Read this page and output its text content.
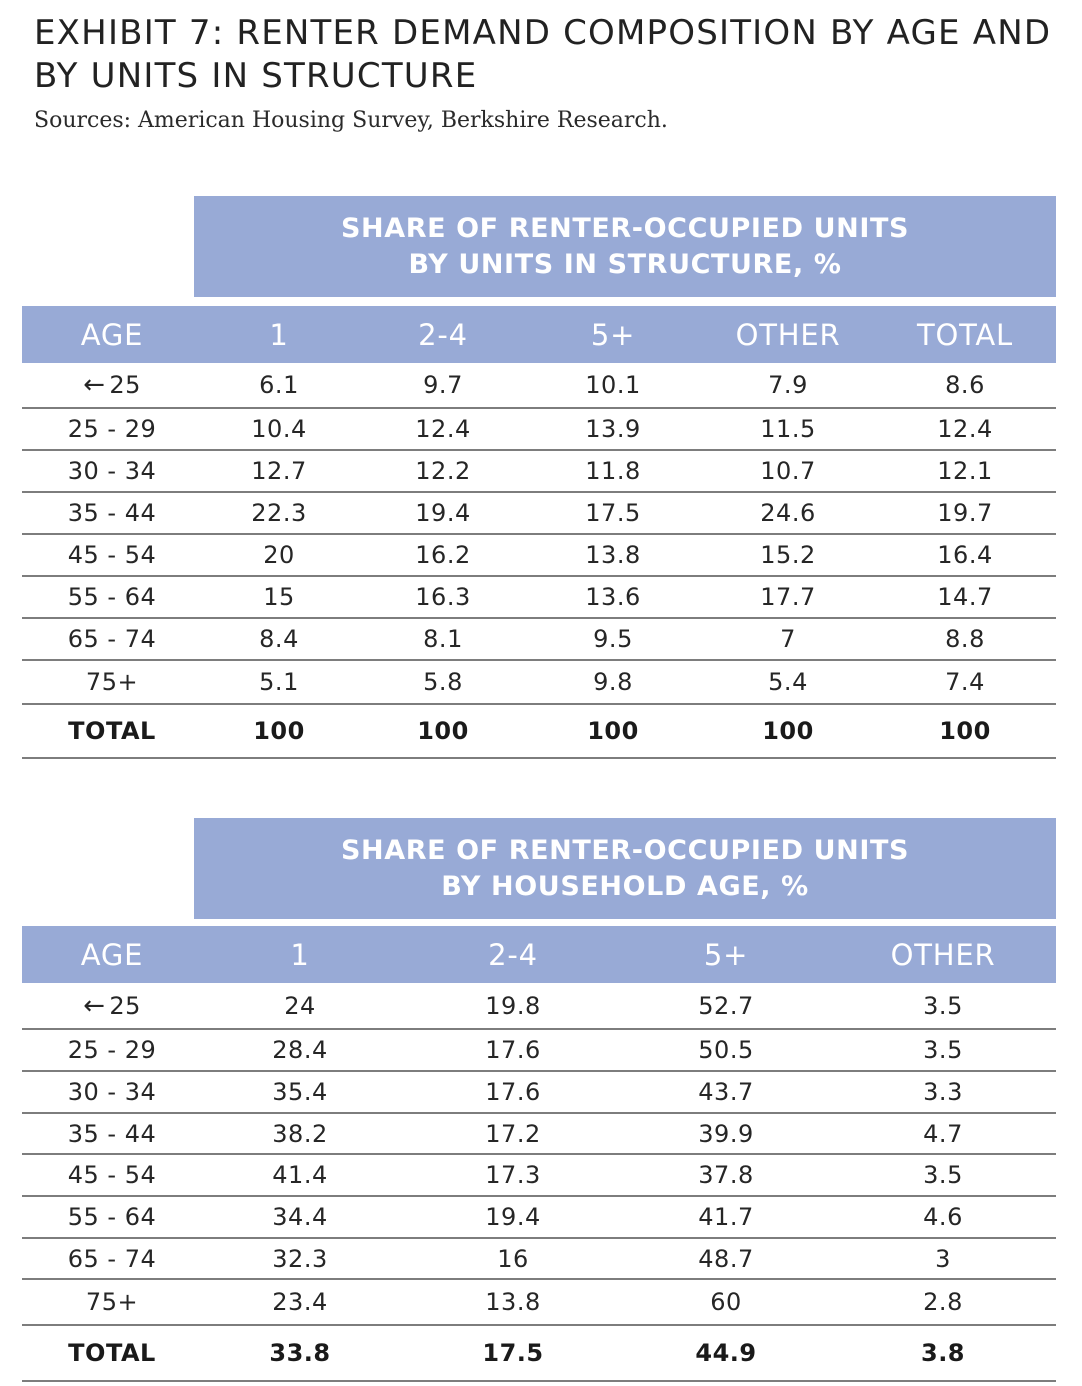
EXHIBIT 7: RENTER DEMAND COMPOSITION BY AGE AND BY UNITS IN STRUCTURE
Sources: American Housing Survey, Berkshire Research.
SHARE OF RENTER-OCCUPIED UNITS
BY UNITS IN STRUCTURE, %
AGE	1	2-4	5+	OTHER	TOTAL
← 25	6.1	9.7	10.1	7.9	8.6
25 - 29	10.4	12.4	13.9	11.5	12.4
30 - 34	12.7	12.2	11.8	10.7	12.1
35 - 44	22.3	19.4	17.5	24.6	19.7
45 - 54	20	16.2	13.8	15.2	16.4
55 - 64	15	16.3	13.6	17.7	14.7
65 - 74	8.4	8.1	9.5	7	8.8
75+	5.1	5.8	9.8	5.4	7.4
TOTAL	100	100	100	100	100
SHARE OF RENTER-OCCUPIED UNITS
BY HOUSEHOLD AGE, %
AGE	1	2-4	5+	OTHER
← 25	24	19.8	52.7	3.5
25 - 29	28.4	17.6	50.5	3.5
30 - 34	35.4	17.6	43.7	3.3
35 - 44	38.2	17.2	39.9	4.7
45 - 54	41.4	17.3	37.8	3.5
55 - 64	34.4	19.4	41.7	4.6
65 - 74	32.3	16	48.7	3
75+	23.4	13.8	60	2.8
TOTAL	33.8	17.5	44.9	3.8
